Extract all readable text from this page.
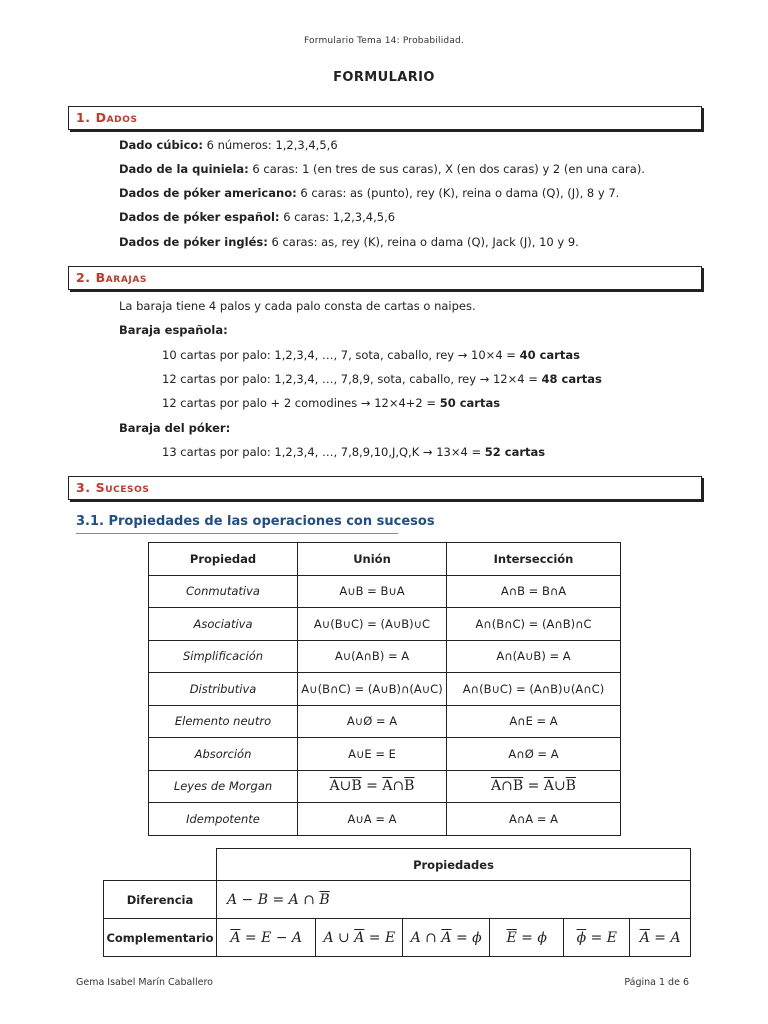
Formulario Tema 14: Probabilidad.
FORMULARIO
1. Dados
Dado cúbico: 6 números: 1,2,3,4,5,6
Dado de la quiniela: 6 caras: 1 (en tres de sus caras), X (en dos caras) y 2 (en una cara).
Dados de póker americano: 6 caras: as (punto), rey (K), reina o dama (Q), (J), 8 y 7.
Dados de póker español: 6 caras: 1,2,3,4,5,6
Dados de póker inglés: 6 caras: as, rey (K), reina o dama (Q), Jack (J), 10 y 9.
2. Barajas
La baraja tiene 4 palos y cada palo consta de cartas o naipes.
Baraja española:
10 cartas por palo: 1,2,3,4, …, 7, sota, caballo, rey → 10×4 = 40 cartas
12 cartas por palo: 1,2,3,4, …, 7,8,9, sota, caballo, rey → 12×4 = 48 cartas
12 cartas por palo + 2 comodines → 12×4+2 = 50 cartas
Baraja del póker:
13 cartas por palo: 1,2,3,4, …, 7,8,9,10,J,Q,K → 13×4 = 52 cartas
3. Sucesos
3.1. Propiedades de las operaciones con sucesos
Propiedad	Unión	Intersección
Conmutativa	A∪B = B∪A	A∩B = B∩A
Asociativa	A∪(B∪C) = (A∪B)∪C	A∩(B∩C) = (A∩B)∩C
Simplificación	A∪(A∩B) = A	A∩(A∪B) = A
Distributiva	A∪(B∩C) = (A∪B)∩(A∪C)	A∩(B∪C) = (A∩B)∪(A∩C)
Elemento neutro	A∪Ø = A	A∩E = A
Absorción	A∪E = E	A∩Ø = A
Leyes de Morgan	A∪B = $\overline{A}\cap\overline{B}$	A∩B = $\overline{A}\cup\overline{B}$
Idempotente	A∪A = A	A∩A = A
	Propiedades					
Diferencia	A − B = A ∩ $\overline{B}$
Complementario	$\overline{A} = E - A$	A ∪ $\overline{A} = E$	A ∩ $\overline{A} = \phi$	$\overline{E} = \phi$	$\overline{\phi} = E$	A = A
Gema Isabel Marín Caballero	Página 1 de 6
